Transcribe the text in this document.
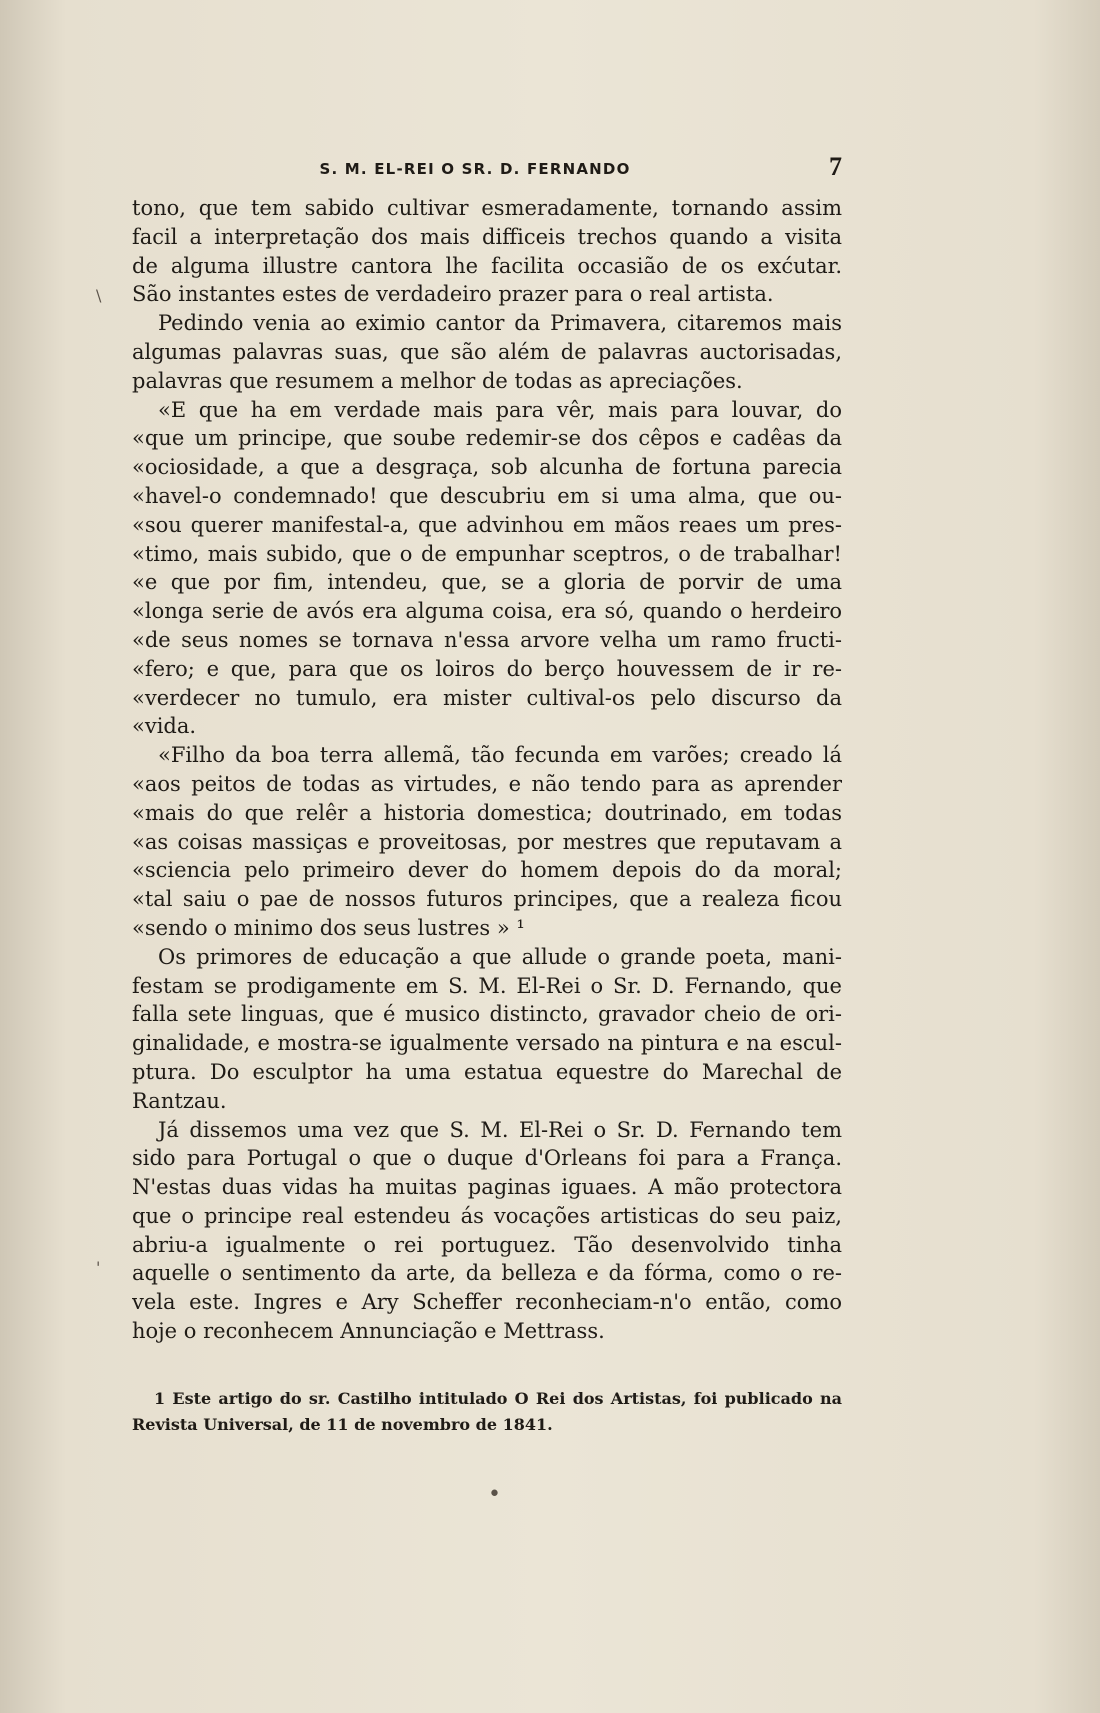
S. M. EL-REI O SR. D. FERNANDO	7
tono, que tem sabido cultivar esmeradamente, tornando assim
facil a interpretação dos mais difficeis trechos quando a visita
de alguma illustre cantora lhe facilita occasião de os exćutar.
São instantes estes de verdadeiro prazer para o real artista.
Pedindo venia ao eximio cantor da Primavera, citaremos mais
algumas palavras suas, que são além de palavras auctorisadas,
palavras que resumem a melhor de todas as apreciações.
«E que ha em verdade mais para vêr, mais para louvar, do
«que um principe, que soube redemir-se dos cêpos e cadêas da
«ociosidade, a que a desgraça, sob alcunha de fortuna parecia
«havel-o condemnado! que descubriu em si uma alma, que ou-
«sou querer manifestal-a, que advinhou em mãos reaes um pres-
«timo, mais subido, que o de empunhar sceptros, o de trabalhar!
«e que por fim, intendeu, que, se a gloria de porvir de uma
«longa serie de avós era alguma coisa, era só, quando o herdeiro
«de seus nomes se tornava n'essa arvore velha um ramo fructi-
«fero; e que, para que os loiros do berço houvessem de ir re-
«verdecer no tumulo, era mister cultival-os pelo discurso da
«vida.
«Filho da boa terra allemã, tão fecunda em varões; creado lá
«aos peitos de todas as virtudes, e não tendo para as aprender
«mais do que relêr a historia domestica; doutrinado, em todas
«as coisas massiças e proveitosas, por mestres que reputavam a
«sciencia pelo primeiro dever do homem depois do da moral;
«tal saiu o pae de nossos futuros principes, que a realeza ficou
«sendo o minimo dos seus lustres » ¹
Os primores de educação a que allude o grande poeta, mani-
festam se prodigamente em S. M. El-Rei o Sr. D. Fernando, que
falla sete linguas, que é musico distincto, gravador cheio de ori-
ginalidade, e mostra-se igualmente versado na pintura e na escul-
ptura. Do esculptor ha uma estatua equestre do Marechal de
Rantzau.
Já dissemos uma vez que S. M. El-Rei o Sr. D. Fernando tem
sido para Portugal o que o duque d'Orleans foi para a França.
N'estas duas vidas ha muitas paginas iguaes. A mão protectora
que o principe real estendeu ás vocações artisticas do seu paiz,
abriu-a igualmente o rei portuguez. Tão desenvolvido tinha
aquelle o sentimento da arte, da belleza e da fórma, como o re-
vela este. Ingres e Ary Scheffer reconheciam-n'o então, como
hoje o reconhecem Annunciação e Mettrass.
1 Este artigo do sr. Castilho intitulado O Rei dos Artistas, foi publicado na
Revista Universal, de 11 de novembro de 1841.
\
'
•
